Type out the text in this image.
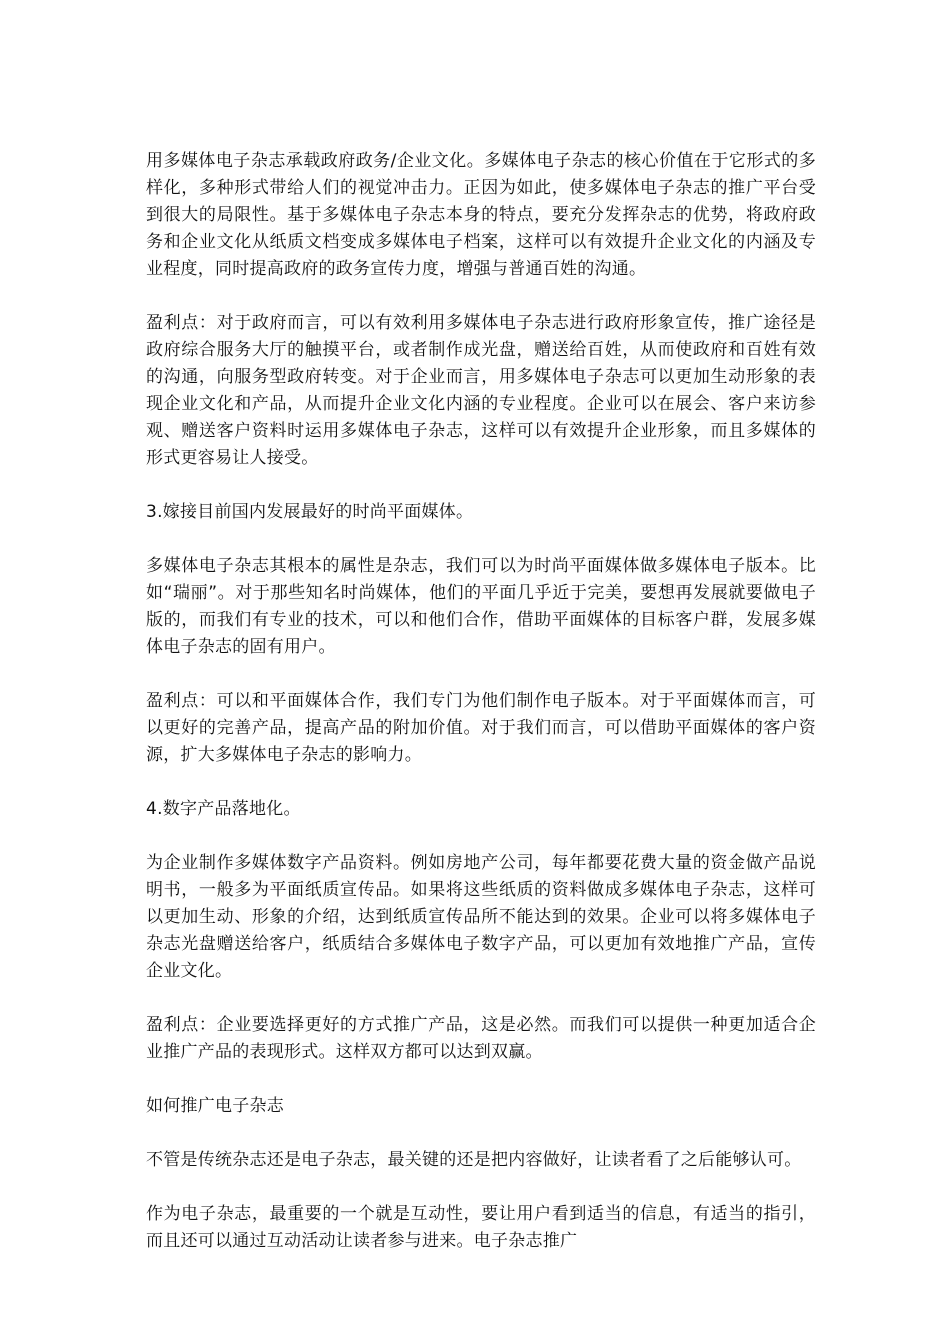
用多媒体电子杂志承载政府政务/企业文化。多媒体电子杂志的核心价值在于它形式的多样化，多种形式带给人们的视觉冲击力。正因为如此，使多媒体电子杂志的推广平台受到很大的局限性。基于多媒体电子杂志本身的特点，要充分发挥杂志的优势，将政府政务和企业文化从纸质文档变成多媒体电子档案，这样可以有效提升企业文化的内涵及专业程度，同时提高政府的政务宣传力度，增强与普通百姓的沟通。

盈利点：对于政府而言，可以有效利用多媒体电子杂志进行政府形象宣传，推广途径是政府综合服务大厅的触摸平台，或者制作成光盘，赠送给百姓，从而使政府和百姓有效的沟通，向服务型政府转变。对于企业而言，用多媒体电子杂志可以更加生动形象的表现企业文化和产品，从而提升企业文化内涵的专业程度。企业可以在展会、客户来访参观、赠送客户资料时运用多媒体电子杂志，这样可以有效提升企业形象，而且多媒体的形式更容易让人接受。

3.嫁接目前国内发展最好的时尚平面媒体。

多媒体电子杂志其根本的属性是杂志，我们可以为时尚平面媒体做多媒体电子版本。比如“瑞丽”。对于那些知名时尚媒体，他们的平面几乎近于完美，要想再发展就要做电子版的，而我们有专业的技术，可以和他们合作，借助平面媒体的目标客户群，发展多媒体电子杂志的固有用户。

盈利点：可以和平面媒体合作，我们专门为他们制作电子版本。对于平面媒体而言，可以更好的完善产品，提高产品的附加价值。对于我们而言，可以借助平面媒体的客户资源，扩大多媒体电子杂志的影响力。

4.数字产品落地化。

为企业制作多媒体数字产品资料。例如房地产公司，每年都要花费大量的资金做产品说明书，一般多为平面纸质宣传品。如果将这些纸质的资料做成多媒体电子杂志，这样可以更加生动、形象的介绍，达到纸质宣传品所不能达到的效果。企业可以将多媒体电子杂志光盘赠送给客户，纸质结合多媒体电子数字产品，可以更加有效地推广产品，宣传企业文化。

盈利点：企业要选择更好的方式推广产品，这是必然。而我们可以提供一种更加适合企业推广产品的表现形式。这样双方都可以达到双赢。

如何推广电子杂志

不管是传统杂志还是电子杂志，最关键的还是把内容做好，让读者看了之后能够认可。

作为电子杂志，最重要的一个就是互动性，要让用户看到适当的信息，有适当的指引，而且还可以通过互动活动让读者参与进来。电子杂志推广
